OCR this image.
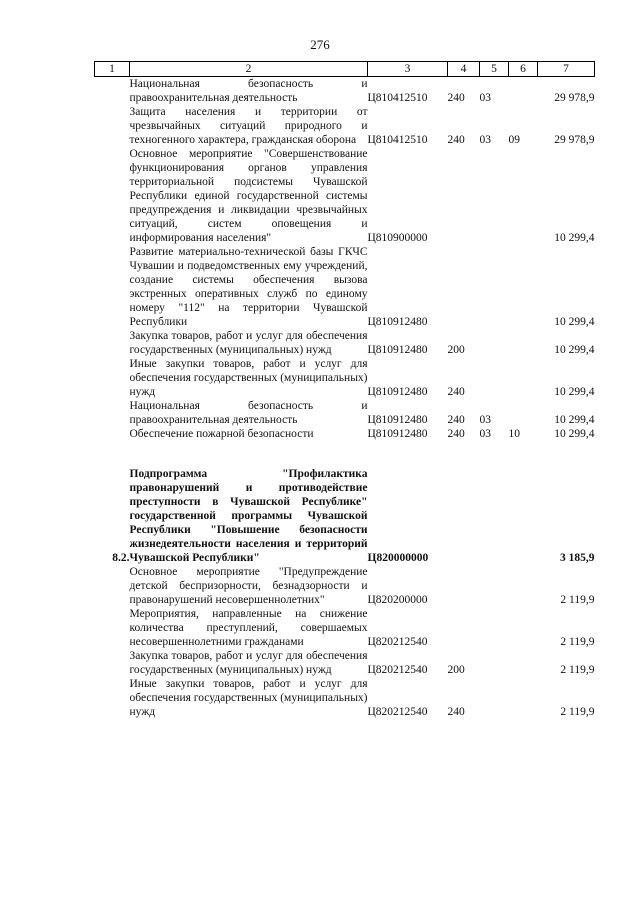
276
1	2	3	4	5	6	7
	Национальная безопасность и правоохранительная деятельность	Ц810412510	240	03		29 978,9
	Защита населения и территории от чрезвычайных ситуаций природного и техногенного характера, гражданская оборона	Ц810412510	240	03	09	29 978,9
	Основное мероприятие "Совершенствование функционирования органов управления территориальной подсистемы Чувашской Республики единой государственной системы предупреждения и ликвидации чрезвычайных ситуаций, систем оповещения и информирования населения"	Ц810900000				10 299,4
	Развитие материально-технической базы ГКЧС Чувашии и подведомственных ему учреждений, создание системы обеспечения вызова экстренных оперативных служб по единому номеру "112" на территории Чувашской Республики	Ц810912480				10 299,4
	Закупка товаров, работ и услуг для обеспечения государственных (муниципальных) нужд	Ц810912480	200			10 299,4
	Иные закупки товаров, работ и услуг для обеспечения государственных (муниципальных) нужд	Ц810912480	240			10 299,4
	Национальная безопасность и правоохранительная деятельность	Ц810912480	240	03		10 299,4
	Обеспечение пожарной безопасности	Ц810912480	240	03	10	10 299,4

8.2.	Подпрограмма "Профилактика правонарушений и противодействие преступности в Чувашской Республике" государственной программы Чувашской Республики "Повышение безопасности жизнедеятельности населения и территорий Чувашской Республики"	Ц820000000				3 185,9
	Основное мероприятие "Предупреждение детской беспризорности, безнадзорности и правонарушений несовершеннолетних"	Ц820200000				2 119,9
	Мероприятия, направленные на снижение количества преступлений, совершаемых несовершеннолетними гражданами	Ц820212540				2 119,9
	Закупка товаров, работ и услуг для обеспечения государственных (муниципальных) нужд	Ц820212540	200			2 119,9
	Иные закупки товаров, работ и услуг для обеспечения государственных (муниципальных) нужд	Ц820212540	240			2 119,9
